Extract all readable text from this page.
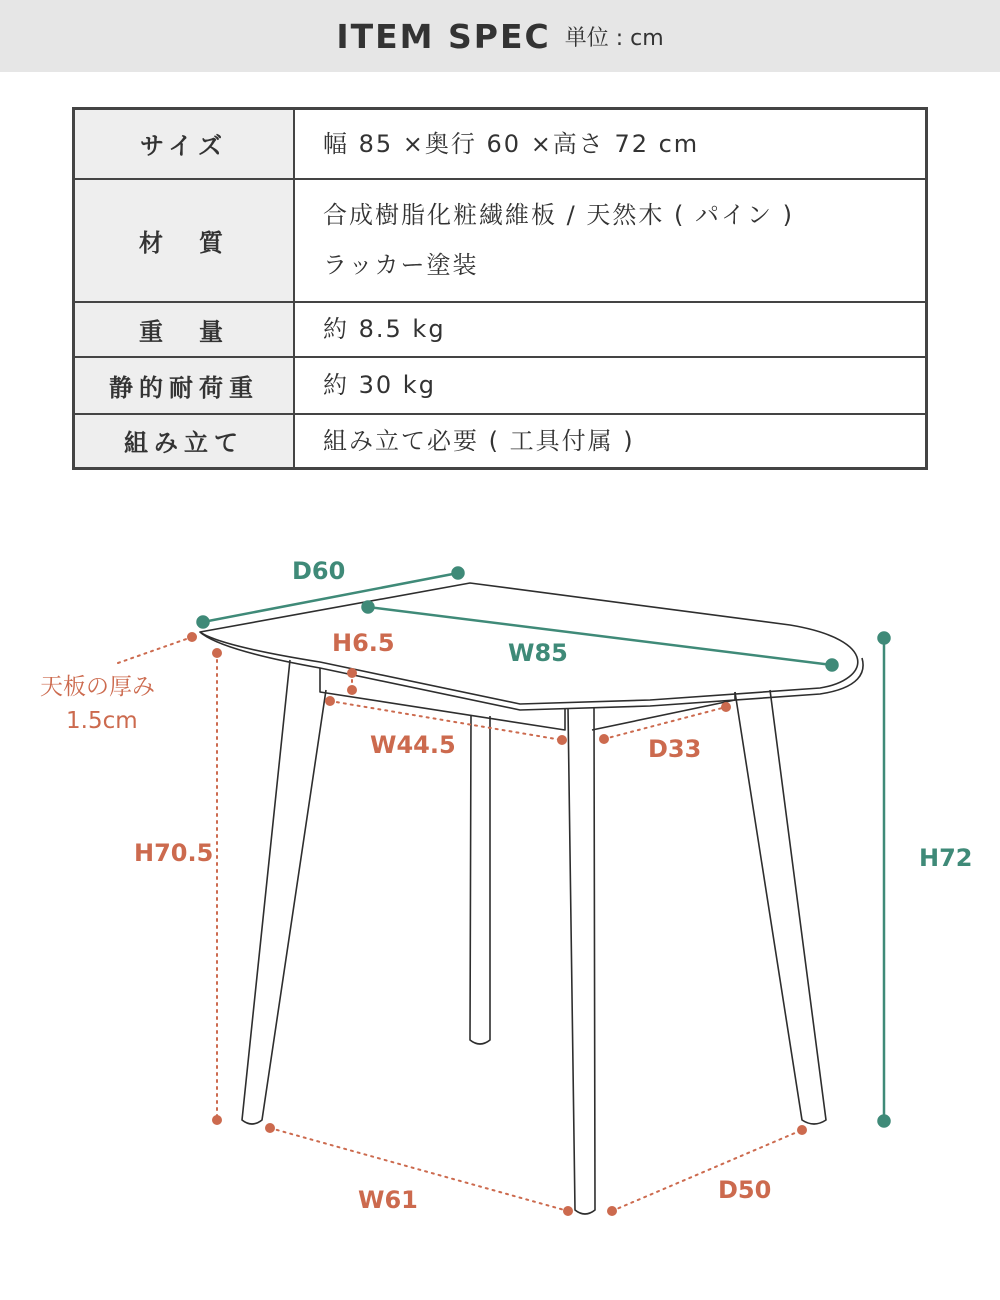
ITEM SPEC 単位 : cm
サイズ	幅 85 ×奥行 60 ×高さ 72 cm

材　質	合成樹脂化粧繊維板 / 天然木 ( パイン )
ラッカー塗装

重　量	約 8.5 kg

静的耐荷重	約 30 kg

組み立て	組み立て必要 ( 工具付属 )
D60
W85
H72
H6.5
天板の厚み
1.5cm
W44.5	D33
H70.5
W61	D50
